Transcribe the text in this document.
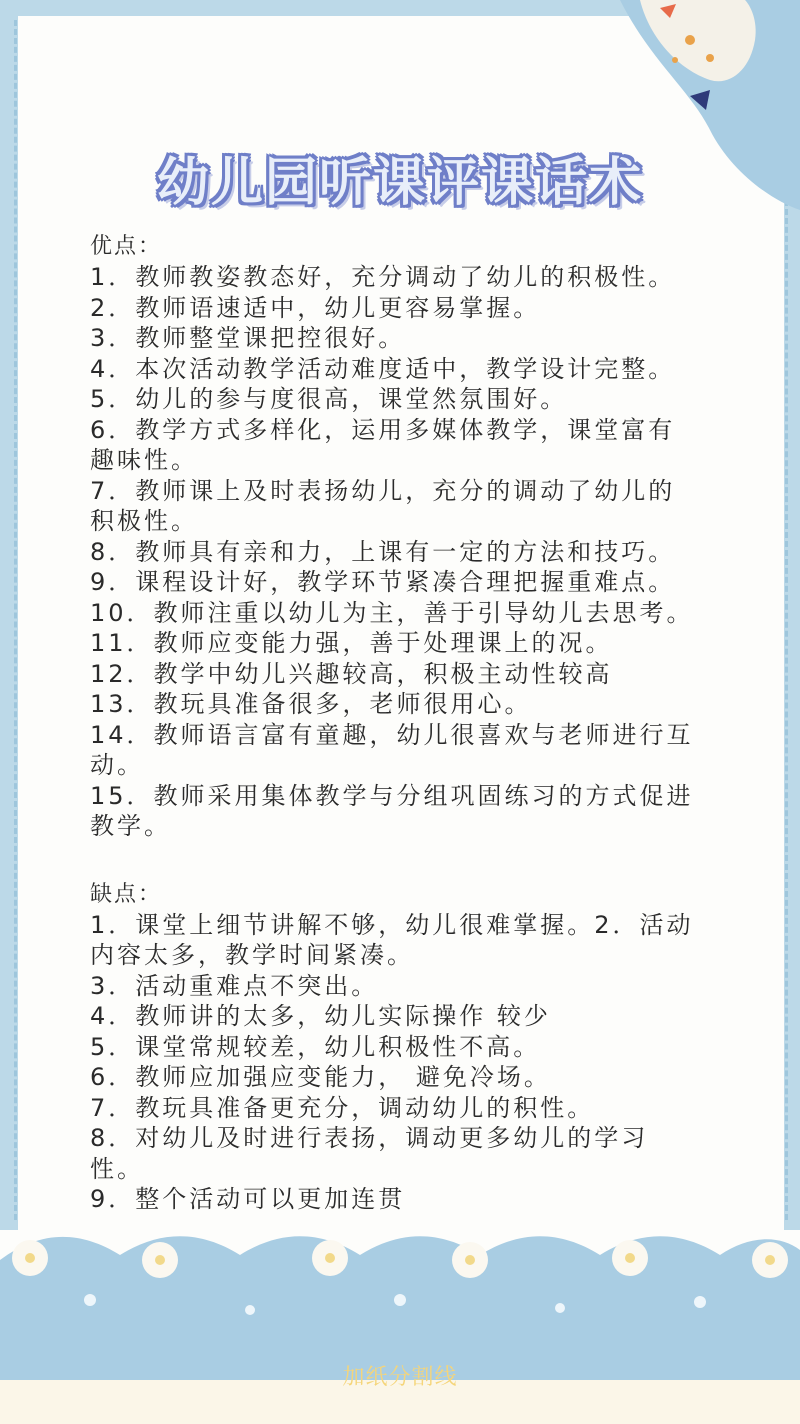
幼儿园听课评课话术
优点：
1．教师教姿教态好，充分调动了幼儿的积极性。
2．教师语速适中，幼儿更容易掌握。
3．教师整堂课把控很好。
4．本次活动教学活动难度适中，教学设计完整。
5．幼儿的参与度很高，课堂然氛围好。
6．教学方式多样化，运用多媒体教学，课堂富有
趣味性。
7．教师课上及时表扬幼儿，充分的调动了幼儿的
积极性。
8．教师具有亲和力，上课有一定的方法和技巧。
9．课程设计好，教学环节紧凑合理把握重难点。
10．教师注重以幼儿为主，善于引导幼儿去思考。
11．教师应变能力强，善于处理课上的况。
12．教学中幼儿兴趣较高，积极主动性较高
13．教玩具准备很多，老师很用心。
14．教师语言富有童趣，幼儿很喜欢与老师进行互
动。
15．教师采用集体教学与分组巩固练习的方式促进
教学。
缺点：
1．课堂上细节讲解不够，幼儿很难掌握。2．活动
内容太多，教学时间紧凑。
3．活动重难点不突出。
4．教师讲的太多，幼儿实际操作 较少
5．课堂常规较差，幼儿积极性不高。
6．教师应加强应变能力， 避免冷场。
7．教玩具准备更充分，调动幼儿的积性。
8．对幼儿及时进行表扬，调动更多幼儿的学习
性。
9．整个活动可以更加连贯
加纸分割线
